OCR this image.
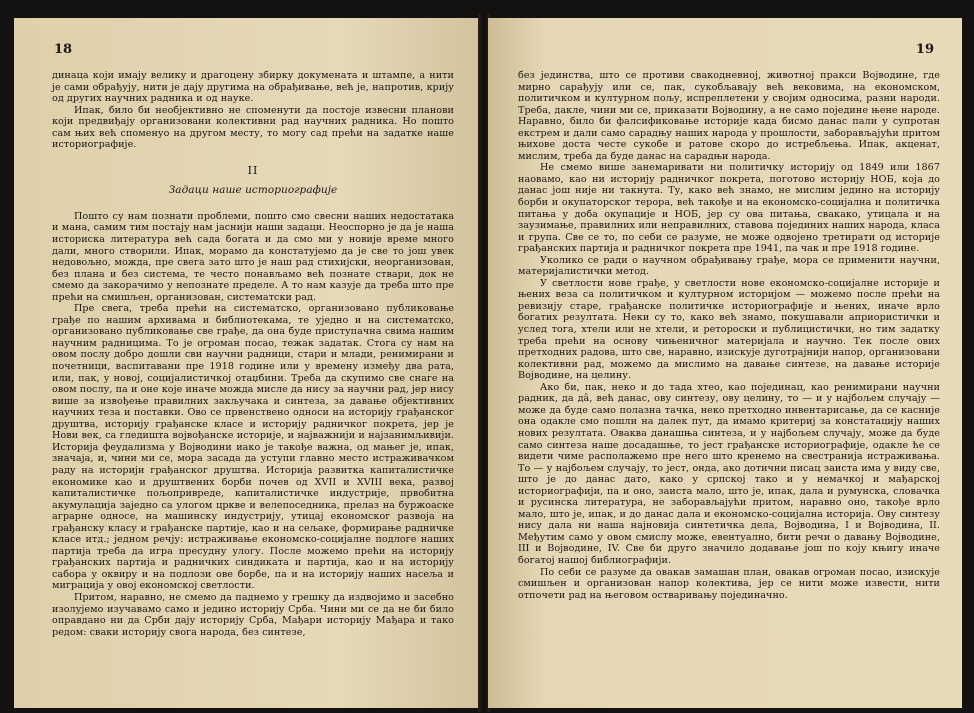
18

динаца који имају велику и драгоцену збирку докумената и штампе, а нити је сами обрађују, нити је дају другима на обрађивање, већ је, напротив, крију од других научних радника и од науке.

Ипак, било би необјективно не споменути да постоје извесни планови који предвиђају организовани колективни рад научних радника. Но пошто сам њих већ споменуо на другом месту, то могу сад прећи на задатке наше историографије.

II
Задаци наше историографије

Пошто су нам познати проблеми, пошто смо свесни наших недостатака и мана, самим тим постају нам јаснији наши задаци. Неоспорно је да је наша историска литература већ сада богата и да смо ми у новије време много дали, много створили. Ипак, морамо да констатујемо да је све то још увек недовољно, можда, пре свега зато што је наш рад стихијски, неорганизован, без плана и без система, те често понављамо већ познате ствари, док не смемо да закорачимо у непознате пределе. А то нам казује да треба што пре прећи на смишљен, организован, систематски рад.

Пре свега, треба прећи на систематско, организовано публиковање грађе по нашим архивама и библиотекама, те уједно и на систематско, организовано публиковање све грађе, да она буде приступачна свима нашим научним радницима. То је огроман посао, тежак задатак. Стога су нам на овом послу добро дошли сви научни радници, стари и млади, ренимирани и почетници, васпитавани пре 1918 године или у времену између два рата, или, пак, у новој, социјалистичкој отаџбини. Треба да скупимо све снаге на овом послу, па и оне које иначе можда мисле да нису за научни рад, јер нису више за извођење правилних закључака и синтеза, за давање објективних научних теза и поставки. Ово се првенствено односи на историју грађанског друштва, историју грађанске класе и историју радничког покрета, јер је Нови век, са гледишта војвођанске историје, и најважнији и најзанимљивији. Историја феудализма у Војводини иако је такође важна, од мањег је, ипак, значаја, и, чини ми се, мора засада да уступи главно место истраживачком раду на историји грађанског друштва. Историја развитка капиталистичке економике као и друштвених борби почев од XVII и XVIII века, развој капиталистичке пољопривреде, капиталистичке индустрије, првобитна акумулација заједно са улогом цркве и велепоседника, прелаз на буржоаске аграрне односе, на машинску индустрију, утицај економског развоја на грађанску класу и грађанске партије, као и на сељаке, формирање радничке класе итд.; једном речју: истраживање економско-социјалне подлоге наших партија треба да игра пресудну улогу. После можемо прећи на историју грађанских партија и радничких синдиката и партија, као и на историју сабора у оквиру и на подлози ове борбе, па и на историју наших насеља и миграција у овој економској светлости.

Притом, наравно, не смемо да паднемо у грешку да издвојимо и засебно изолујемо изучавамо само и једино историју Срба. Чини ми се да не би било оправдано ни да Срби дају историју Срба, Мађари историју Мађара и тако редом: сваки историју свога народа, без синтезе,

19

без јединства, што се противи свакодневној, животној пракси Војводине, где мирно сарађују или се, пак, сукобљавају већ вековима, на економском, политичком и културном пољу, испреплетени у своjим односима, разни народи. Треба, дакле, чини ми се, приказати Војводину, а не само поједине њене народе. Наравно, било би фалсификовање историје када бисмо данас пали у супротан екстрем и дали само сарадњу наших народа у прошлости, заборављајући притом њихове доста честе сукобе и ратове скоро до истребљења. Ипак, акценат, мислим, треба да буде данас на сарадњи народа.

Не смемо више занемаривати ни политичку историју од 1849 или 1867 наовамо, као ни историју радничког покрета, поготово историју НОБ, која до данас још није ни такнута. Ту, како већ знамо, не мислим једино на историју борби и окупаторског терора, већ такође и на економско-социјална и политичка питања у доба окупације и НОБ, јер су ова питања, свакако, утицала и на заузимање, правилних или неправилних, ставова појединих наших народа, класа и група. Све се то, по себи се разуме, не може одвојено третирати од историје грађанских партија и радничког покрета пре 1941, па чак и пре 1918 године.

Уколико се ради о научном обрађивању грађе, мора се применити научни, материјалистички метод.

У светлости нове грађе, у светлости нове економско-социјалне историје и њених веза са политичком и културном историјом — можемо после прећи на ревизију старе, грађанске политичке историографије и њених, иначе врло богатих резултата. Неки су то, како већ знамо, покушавали априористички и услед тога, хтели или не хтели, и ретороски и публицистички, но тим задатку треба прећи на основу чињеничног материјала и научно. Тек после ових претходних радова, што све, наравно, изискује дуготрајнији напор, организовани колективни рад, можемо да мислимо на давање синтезе, на давање историје Војводине, на целину.

Ако би, пак, неко и до тада хтео, као појединац, као ренимирани научни радник, да дâ, већ данас, ову синтезу, ову целину, то — и у најбољем случају — може да буде само полазна тачка, неко претходно инвентарисање, да се касније она одакле смо пошли на далек пут, да имамо критериј за констатацију наших нових резултата. Оваква данашња синтеза, и у најбољем случају, може да буде само синтеза наше досадашње, то јест грађанске историографије, одакле ће се видети чиме располажемо пре него што кренемо на свестранија истраживања. То — у најбољем случају, то јест, онда, ако дотични писац заиста има у виду све, што је до данас дато, како у српској тако и у немачкој и мађарској историографији, па и оно, заиста мало, што је, ипак, дала и румунска, словачка и русинска литература, не заборављајући притом, наравно оно, такође врло мало, што је, ипак, и до данас дала и економско-социјална историја. Ову синтезу нису дала ни наша најновија синтетичка дела, Војводина, I и Војводина, II. Међутим само у овом смислу може, евентуално, бити речи о давању Војводине, III и Војводине, IV. Све би друго значило додавање још по коју књигу иначе богатој нашој библиографији.

По себи се разуме да овакав замашан план, овакав огроман посао, изискује смишљен и организован напор колектива, јер се нити може извести, нити отпочети рад на његовом остваривању појединачно.
